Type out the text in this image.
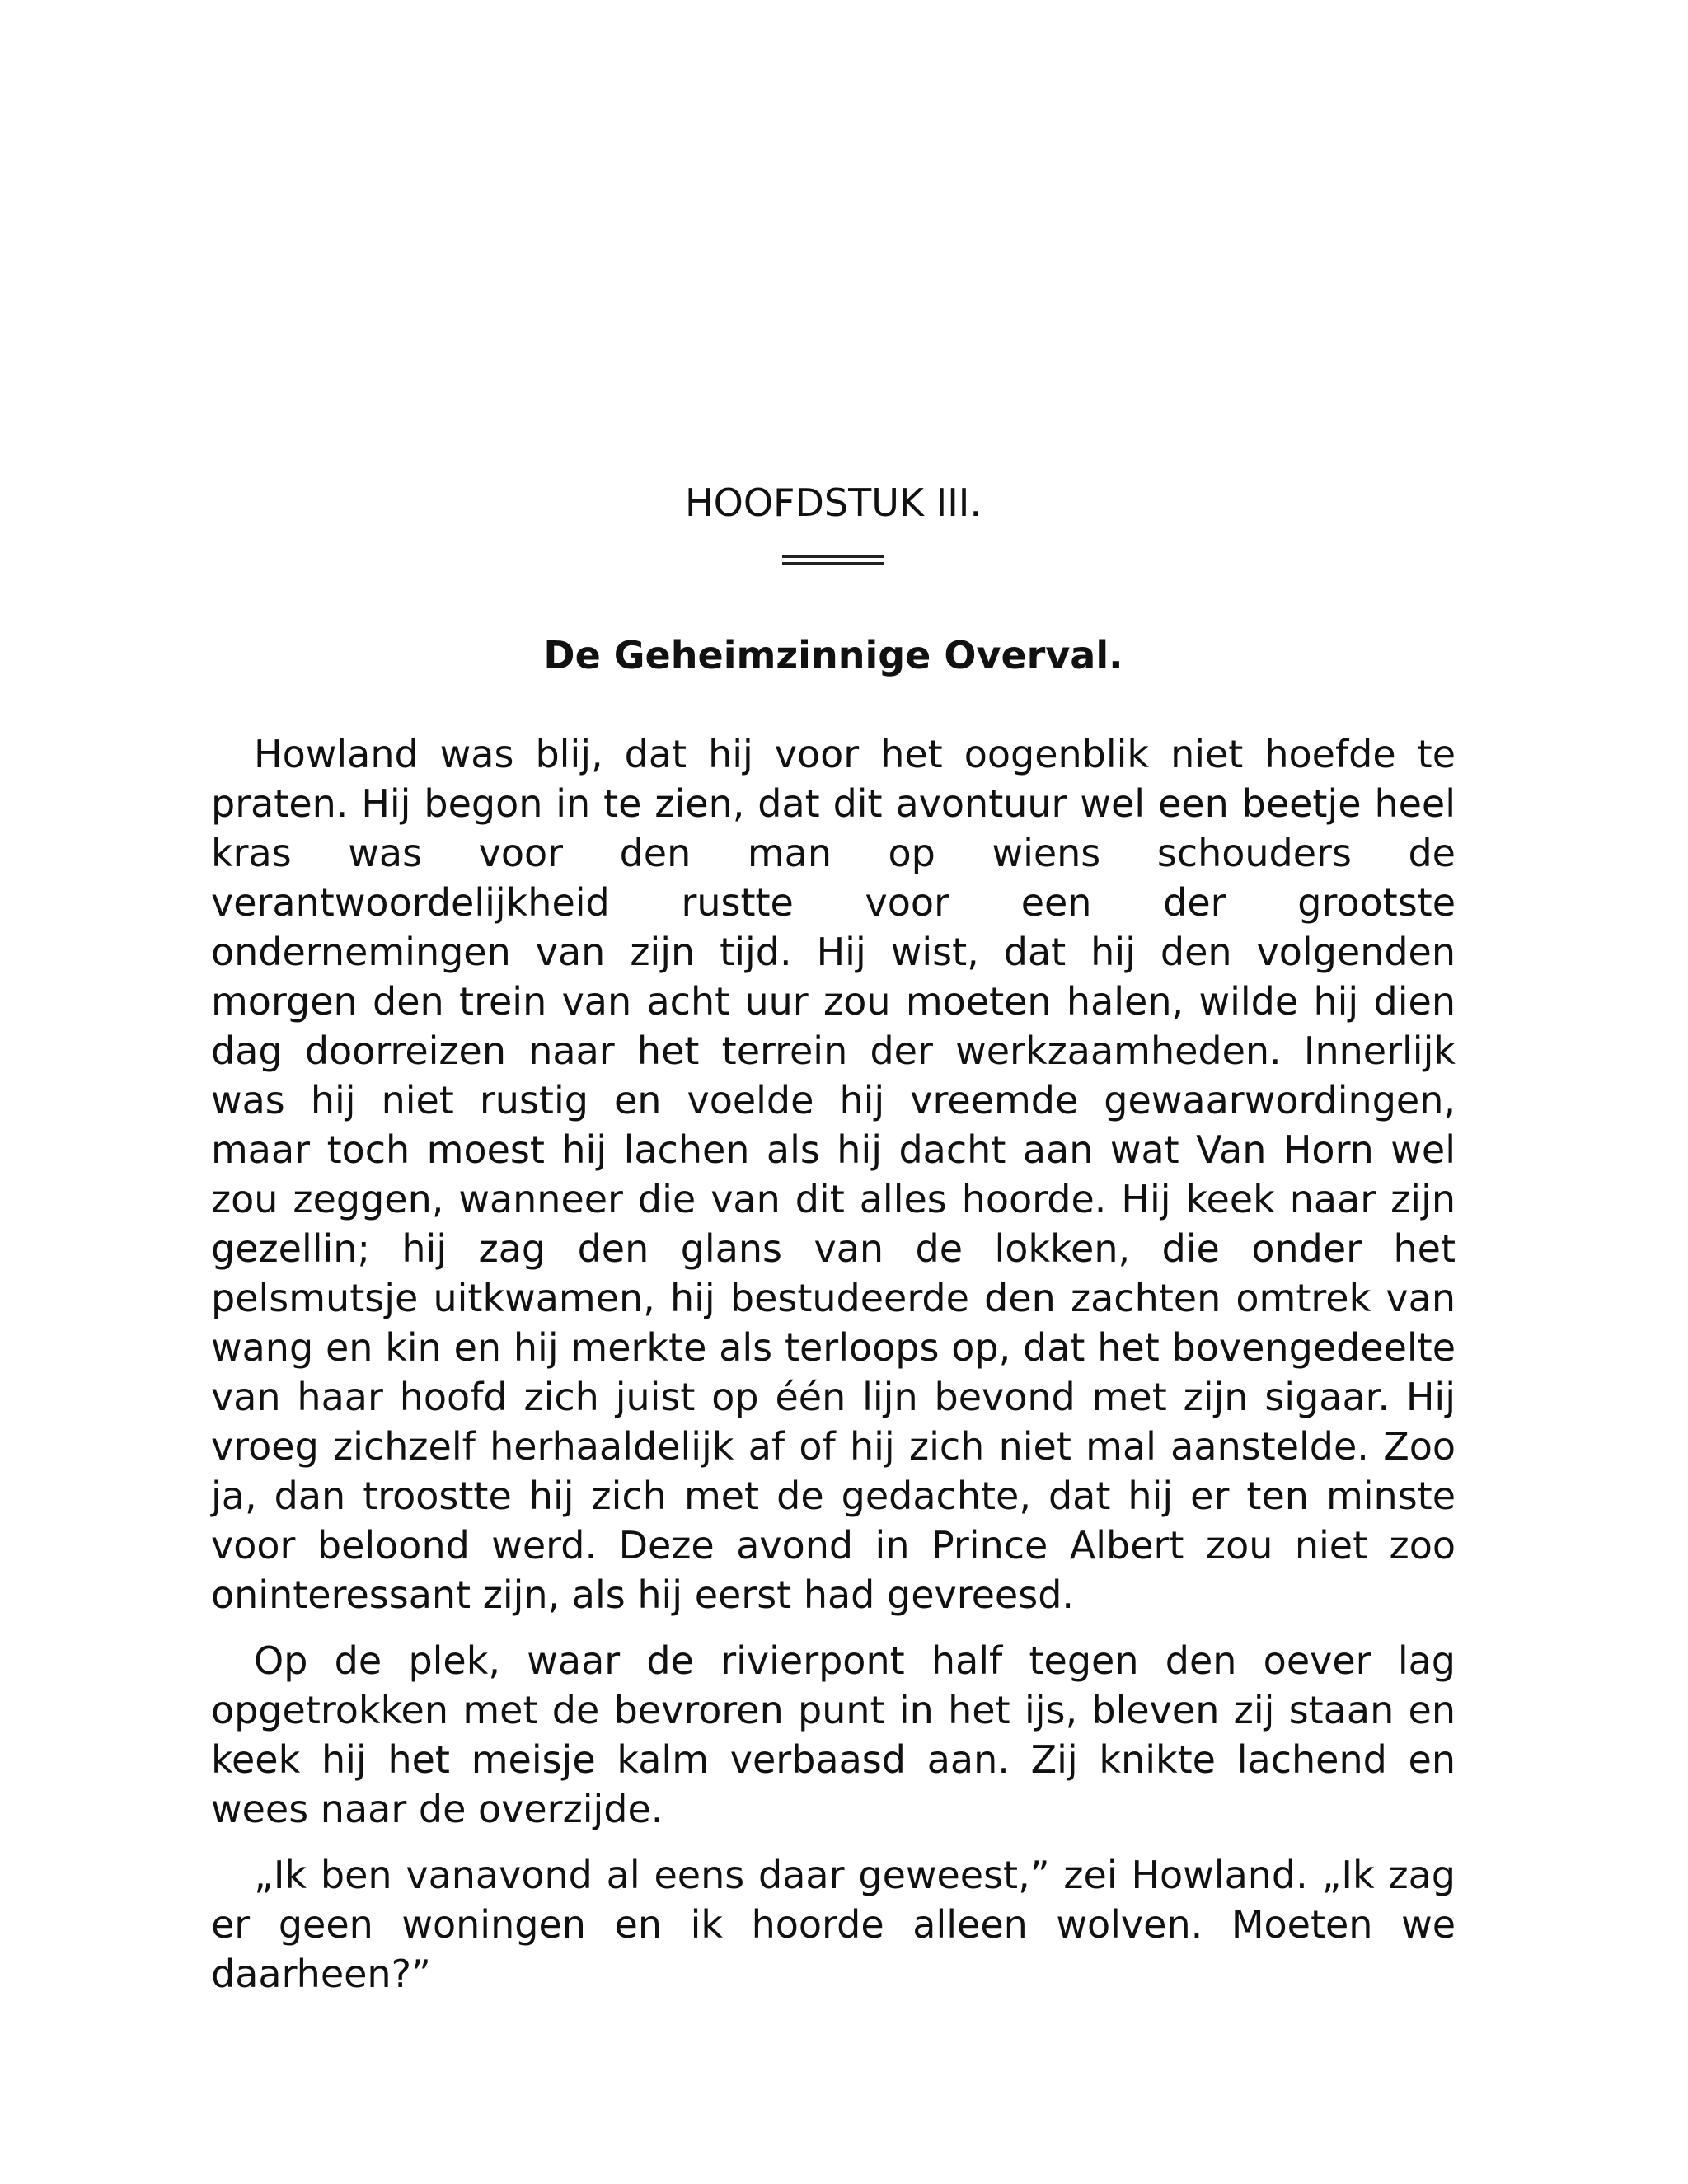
HOOFDSTUK III.
De Geheimzinnige Overval.

Howland was blij, dat hij voor het oogenblik niet hoefde te praten. Hij begon in te zien, dat dit avontuur wel een beetje heel kras was voor den man op wiens schouders de verantwoordelijkheid rustte voor een der grootste ondernemingen van zijn tijd. Hij wist, dat hij den volgenden morgen den trein van acht uur zou moeten halen, wilde hij dien dag doorreizen naar het terrein der werkzaamheden. Innerlijk was hij niet rustig en voelde hij vreemde gewaarwordingen, maar toch moest hij lachen als hij dacht aan wat Van Horn wel zou zeggen, wanneer die van dit alles hoorde. Hij keek naar zijn gezellin; hij zag den glans van de lokken, die onder het pelsmutsje uitkwamen, hij bestudeerde den zachten omtrek van wang en kin en hij merkte als terloops op, dat het bovengedeelte van haar hoofd zich juist op één lijn bevond met zijn sigaar. Hij vroeg zichzelf herhaaldelijk af of hij zich niet mal aanstelde. Zoo ja, dan troostte hij zich met de gedachte, dat hij er ten minste voor beloond werd. Deze avond in Prince Albert zou niet zoo oninteressant zijn, als hij eerst had gevreesd.

Op de plek, waar de rivierpont half tegen den oever lag opgetrokken met de bevroren punt in het ijs, bleven zij staan en keek hij het meisje kalm verbaasd aan. Zij knikte lachend en wees naar de overzijde.

„Ik ben vanavond al eens daar geweest,” zei Howland. „Ik zag er geen woningen en ik hoorde alleen wolven. Moeten we daarheen?”
